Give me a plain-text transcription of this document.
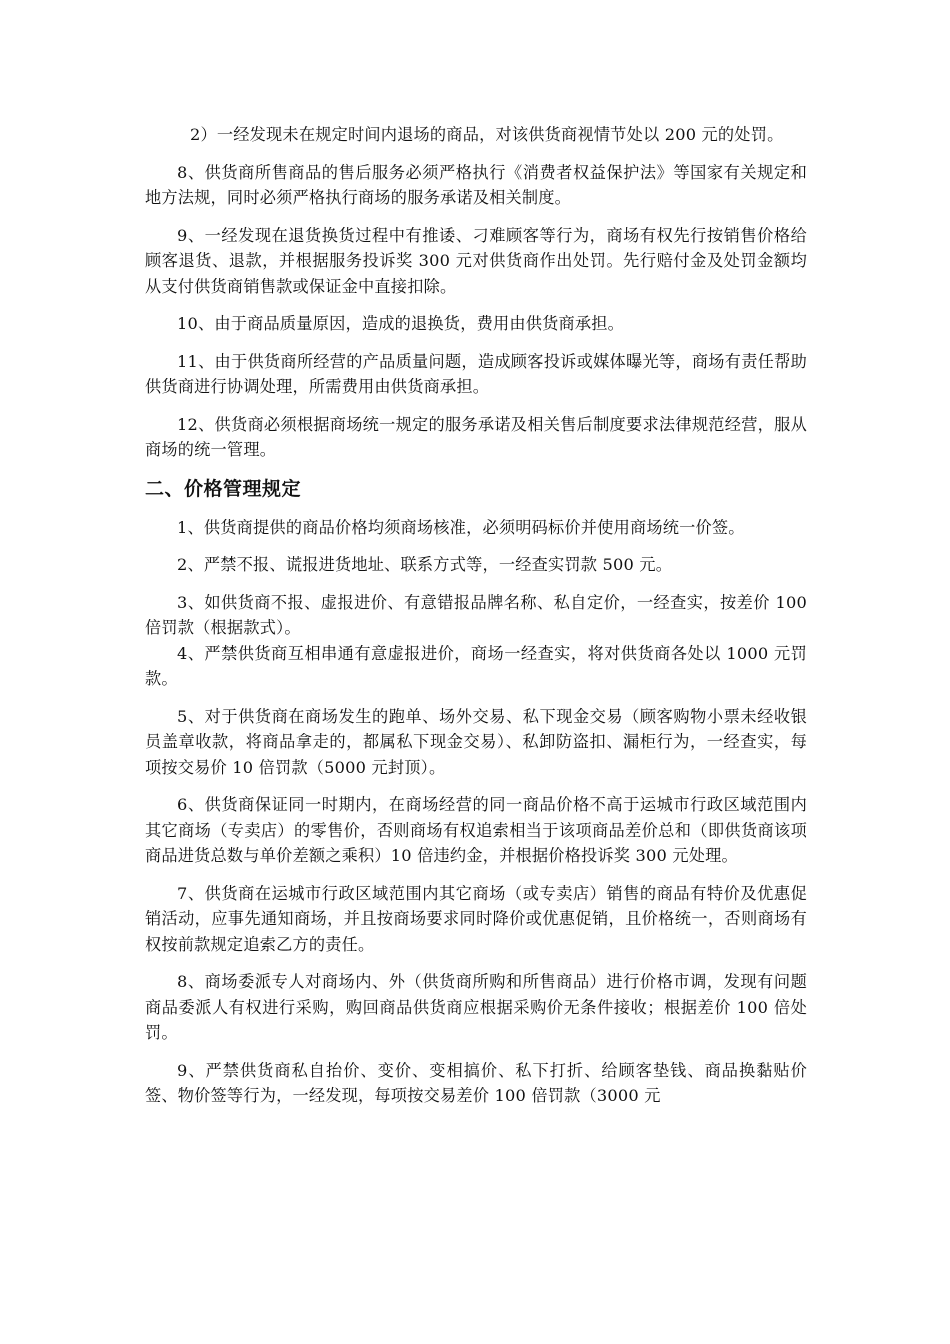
2）一经发现未在规定时间内退场的商品，对该供货商视情节处以 200 元的处罚。

8、供货商所售商品的售后服务必须严格执行《消费者权益保护法》等国家有关规定和地方法规，同时必须严格执行商场的服务承诺及相关制度。

9、一经发现在退货换货过程中有推诿、刁难顾客等行为，商场有权先行按销售价格给顾客退货、退款，并根据服务投诉奖 300 元对供货商作出处罚。先行赔付金及处罚金额均从支付供货商销售款或保证金中直接扣除。

10、由于商品质量原因，造成的退换货，费用由供货商承担。

11、由于供货商所经营的产品质量问题，造成顾客投诉或媒体曝光等，商场有责任帮助供货商进行协调处理，所需费用由供货商承担。

12、供货商必须根据商场统一规定的服务承诺及相关售后制度要求法律规范经营，服从商场的统一管理。

二、价格管理规定

1、供货商提供的商品价格均须商场核准，必须明码标价并使用商场统一价签。

2、严禁不报、谎报进货地址、联系方式等，一经查实罚款 500 元。

3、如供货商不报、虚报进价、有意错报品牌名称、私自定价，一经查实，按差价 100 倍罚款（根据款式）。

4、严禁供货商互相串通有意虚报进价，商场一经查实，将对供货商各处以 1000 元罚款。

5、对于供货商在商场发生的跑单、场外交易、私下现金交易（顾客购物小票未经收银员盖章收款，将商品拿走的，都属私下现金交易）、私卸防盗扣、漏柜行为，一经查实，每项按交易价 10 倍罚款（5000 元封顶）。

6、供货商保证同一时期内，在商场经营的同一商品价格不高于运城市行政区域范围内其它商场（专卖店）的零售价，否则商场有权追索相当于该项商品差价总和（即供货商该项商品进货总数与单价差额之乘积）10 倍违约金，并根据价格投诉奖 300 元处理。

7、供货商在运城市行政区域范围内其它商场（或专卖店）销售的商品有特价及优惠促销活动，应事先通知商场，并且按商场要求同时降价或优惠促销，且价格统一，否则商场有权按前款规定追索乙方的责任。

8、商场委派专人对商场内、外（供货商所购和所售商品）进行价格市调，发现有问题商品委派人有权进行采购，购回商品供货商应根据采购价无条件接收；根据差价 100 倍处罚。

9、严禁供货商私自抬价、变价、变相搞价、私下打折、给顾客垫钱、商品换黏贴价签、物价签等行为，一经发现，每项按交易差价 100 倍罚款（3000 元
